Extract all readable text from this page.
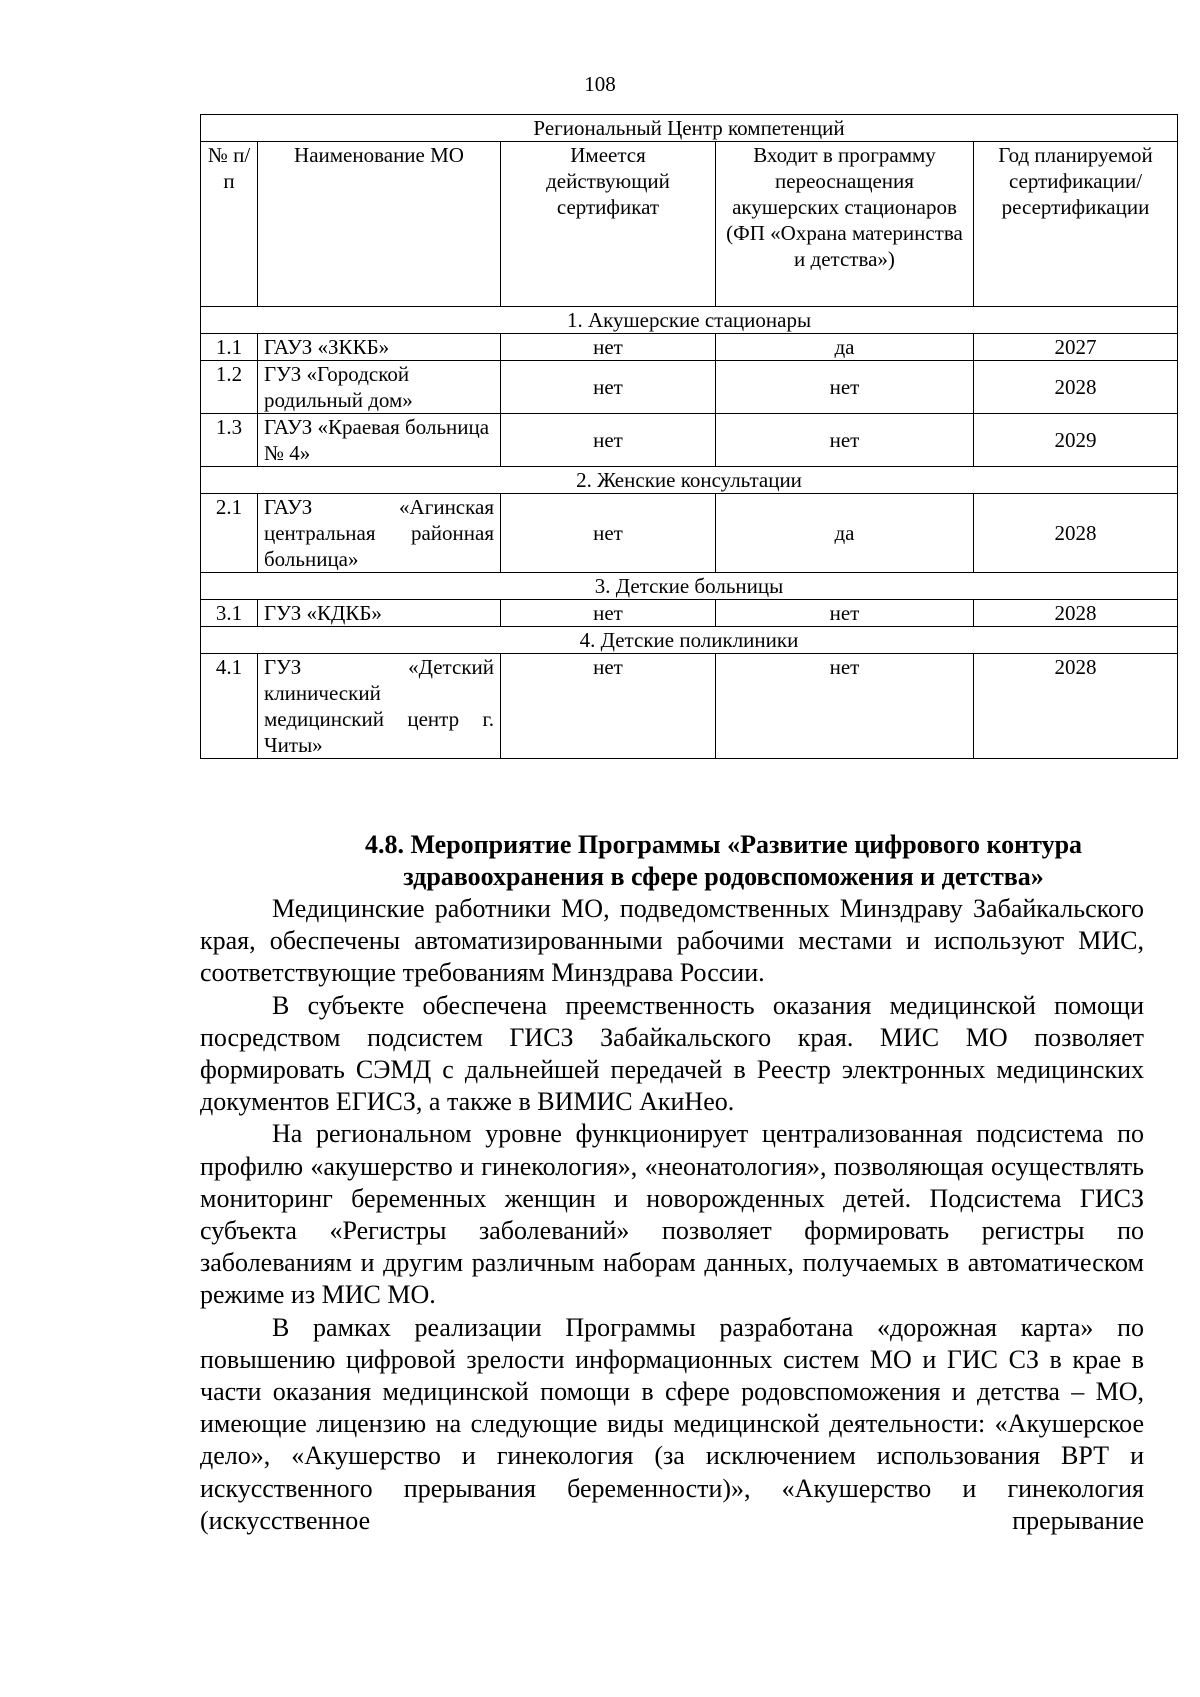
108
Региональный Центр компетенций				
№ п/п	Наименование МО	Имеется действующий сертификат	Входит в программу переоснащения акушерских стационаров (ФП «Охрана материнства и детства»)	Год планируемой сертификации/ ресертификации
1. Акушерские стационары				
1.1	ГАУЗ «ЗККБ»	нет	да	2027
1.2	ГУЗ «Городской родильный дом»	нет	нет	2028
1.3	ГАУЗ «Краевая больница № 4»	нет	нет	2029
2. Женские консультации				
2.1	ГАУЗ «Агинская центральная районная больница»	нет	да	2028
3. Детские больницы				
3.1	ГУЗ «КДКБ»	нет	нет	2028
4. Детские поликлиники				
4.1	ГУЗ «Детский клинический медицинский центр г. Читы»	нет	нет	2028
4.8. Мероприятие Программы «Развитие цифрового контура
здравоохранения в сфере родовспоможения и детства»

Медицинские работники МО, подведомственных Минздраву Забайкальского края, обеспечены автоматизированными рабочими местами и используют МИС, соответствующие требованиям Минздрава России.

В субъекте обеспечена преемственность оказания медицинской помощи посредством подсистем ГИСЗ Забайкальского края. МИС МО позволяет формировать СЭМД с дальнейшей передачей в Реестр электронных медицинских документов ЕГИСЗ, а также в ВИМИС АкиНео.

На региональном уровне функционирует централизованная подсистема по профилю «акушерство и гинекология», «неонатология», позволяющая осуществлять мониторинг беременных женщин и новорожденных детей. Подсистема ГИСЗ субъекта «Регистры заболеваний» позволяет формировать регистры по заболеваниям и другим различным наборам данных, получаемых в автоматическом режиме из МИС МО.

В рамках реализации Программы разработана «дорожная карта» по повышению цифровой зрелости информационных систем МО и ГИС СЗ в крае в части оказания медицинской помощи в сфере родовспоможения и детства – МО, имеющие лицензию на следующие виды медицинской деятельности: «Акушерское дело», «Акушерство и гинекология (за исключением использования ВРТ и искусственного прерывания беременности)», «Акушерство и гинекология (искусственное прерывание
